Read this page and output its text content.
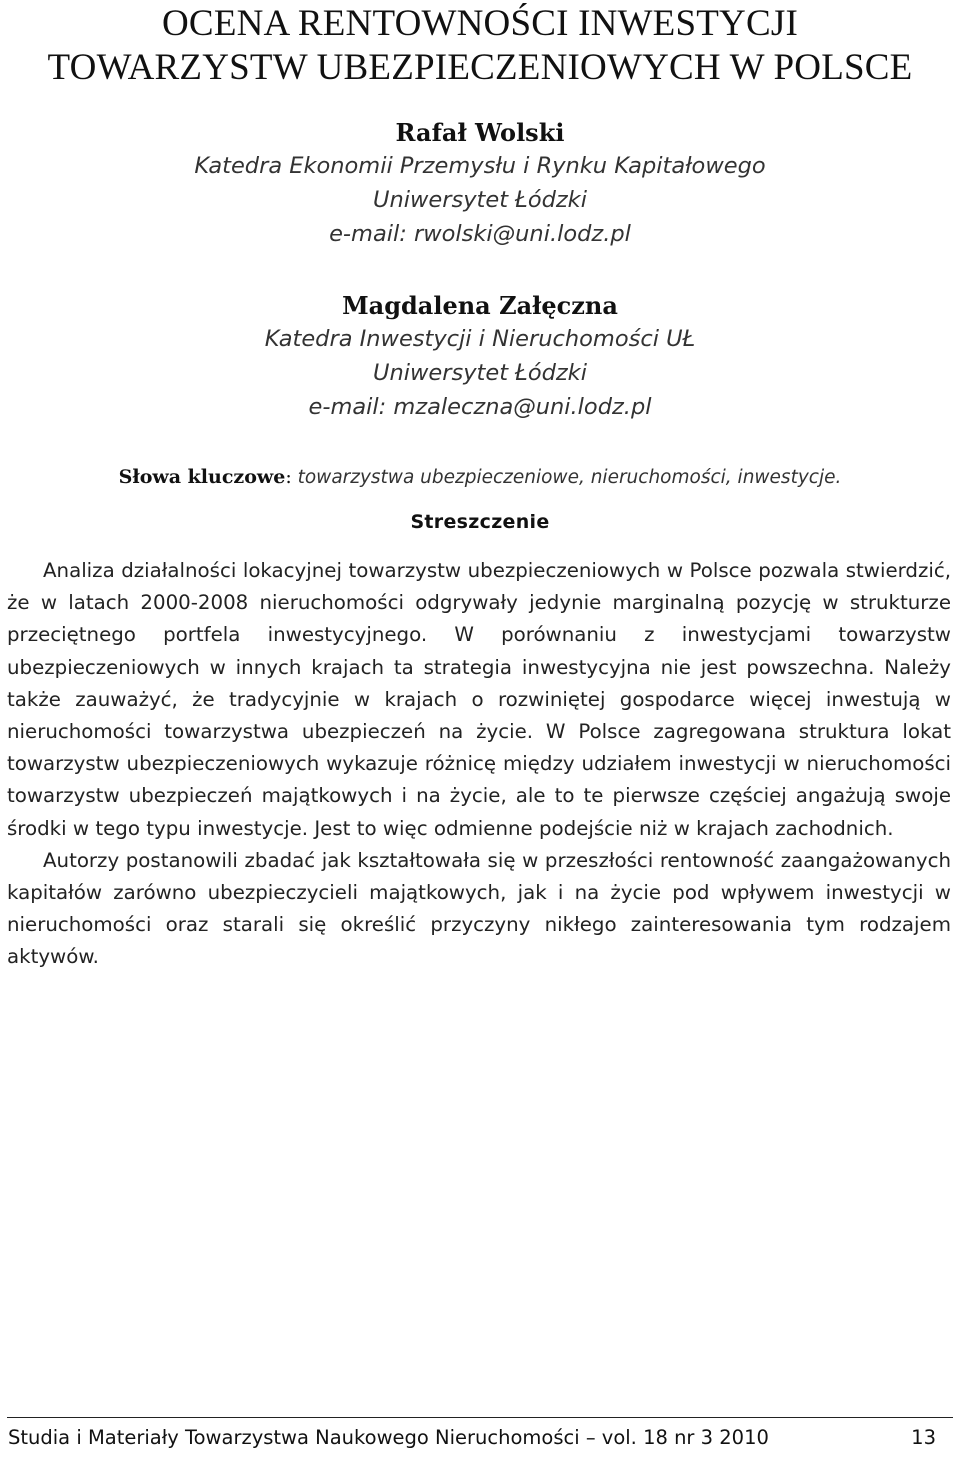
OCENA RENTOWNOŚCI INWESTYCJI
TOWARZYSTW UBEZPIECZENIOWYCH W POLSCE
Rafał Wolski
Katedra Ekonomii Przemysłu i Rynku Kapitałowego
Uniwersytet Łódzki
e-mail: rwolski@uni.lodz.pl
Magdalena Załęczna
Katedra Inwestycji i Nieruchomości UŁ
Uniwersytet Łódzki
e-mail: mzaleczna@uni.lodz.pl
Słowa kluczowe: towarzystwa ubezpieczeniowe, nieruchomości, inwestycje.
Streszczenie

Analiza działalności lokacyjnej towarzystw ubezpieczeniowych w Polsce pozwala stwierdzić, że w latach 2000-2008 nieruchomości odgrywały jedynie marginalną pozycję w strukturze przeciętnego portfela inwestycyjnego. W porównaniu z inwestycjami towarzystw ubezpieczeniowych w innych krajach ta strategia inwestycyjna nie jest powszechna. Należy także zauważyć, że tradycyjnie w krajach o rozwiniętej gospodarce więcej inwestują w nieruchomości towarzystwa ubezpieczeń na życie. W Polsce zagregowana struktura lokat towarzystw ubezpieczeniowych wykazuje różnicę między udziałem inwestycji w nieruchomości towarzystw ubezpieczeń majątkowych i na życie, ale to te pierwsze częściej angażują swoje środki w tego typu inwestycje. Jest to więc odmienne podejście niż w krajach zachodnich.

Autorzy postanowili zbadać jak kształtowała się w przeszłości rentowność zaangażowanych kapitałów zarówno ubezpieczycieli majątkowych, jak i na życie pod wpływem inwestycji w nieruchomości oraz starali się określić przyczyny nikłego zainteresowania tym rodzajem aktywów.

Studia i Materiały Towarzystwa Naukowego Nieruchomości – vol. 18 nr 3 2010	13
